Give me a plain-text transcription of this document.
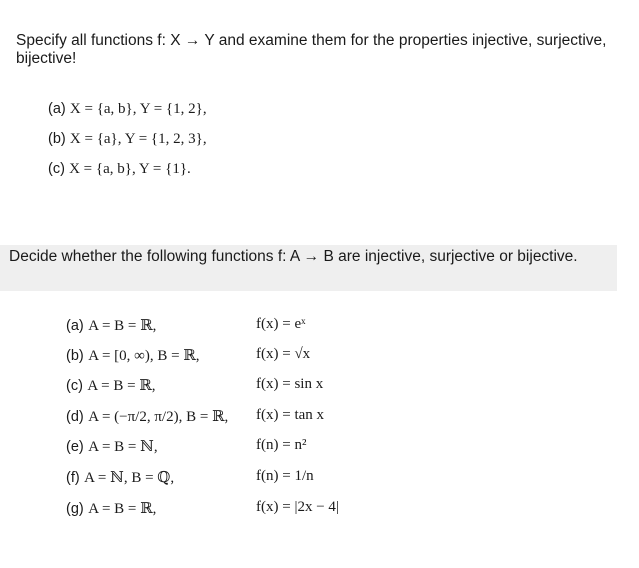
Specify all functions f: X → Y and examine them for the properties injective, surjective, bijective!
(a) X = {a, b}, Y = {1, 2},
(b) X = {a}, Y = {1, 2, 3},
(c) X = {a, b}, Y = {1}.
Decide whether the following functions f: A → B are injective, surjective or bijective.
(a) A = B = ℝ,	f(x) = eˣ
(b) A = [0, ∞), B = ℝ,	f(x) = √x
(c) A = B = ℝ,	f(x) = sin x
(d) A = (−π/2, π/2), B = ℝ, f(x) = tan x
(e) A = B = ℕ,	f(n) = n²
(f) A = ℕ, B = ℚ,	f(n) = 1/n
(g) A = B = ℝ,	f(x) = |2x − 4|
